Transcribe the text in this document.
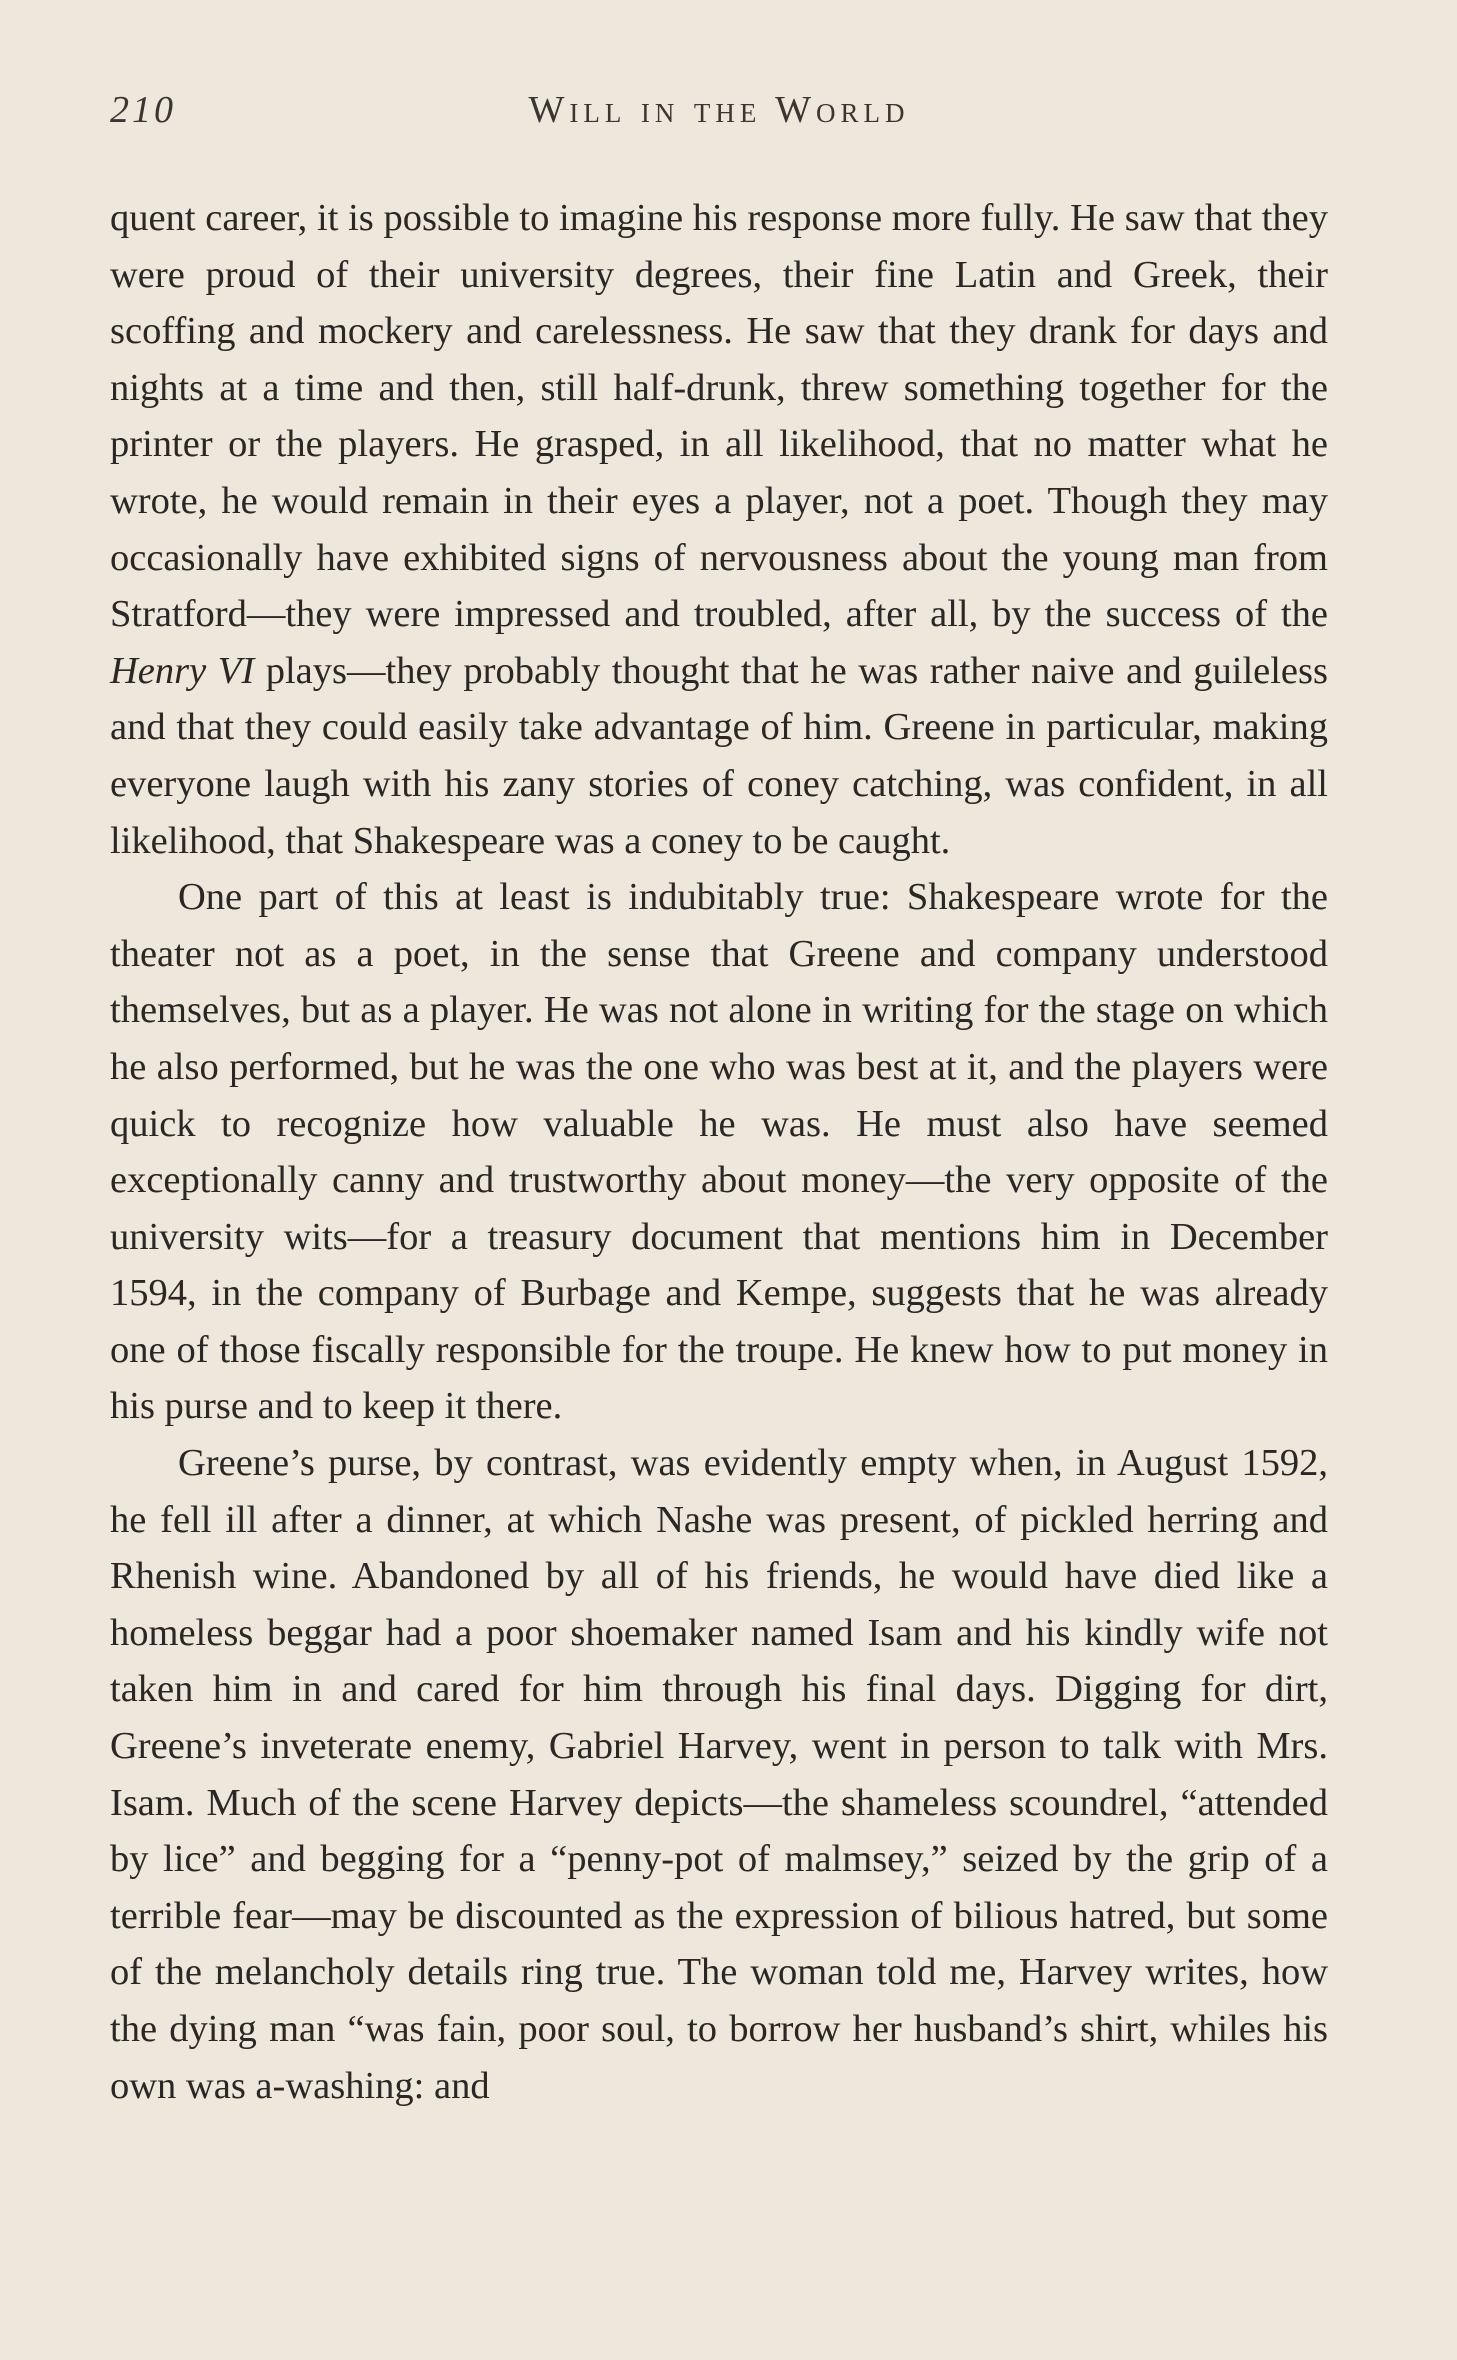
210	Will in the World

quent career, it is possible to imagine his response more fully. He saw that they were proud of their university degrees, their fine Latin and Greek, their scoffing and mockery and carelessness. He saw that they drank for days and nights at a time and then, still half-drunk, threw something together for the printer or the players. He grasped, in all likelihood, that no matter what he wrote, he would remain in their eyes a player, not a poet. Though they may occasionally have exhibited signs of nervousness about the young man from Stratford—they were impressed and troubled, after all, by the success of the Henry VI plays—they probably thought that he was rather naive and guileless and that they could easily take advantage of him. Greene in particular, making everyone laugh with his zany stories of coney catching, was confident, in all likelihood, that Shakespeare was a coney to be caught.

One part of this at least is indubitably true: Shakespeare wrote for the theater not as a poet, in the sense that Greene and company understood themselves, but as a player. He was not alone in writing for the stage on which he also performed, but he was the one who was best at it, and the players were quick to recognize how valuable he was. He must also have seemed exceptionally canny and trustworthy about money—the very opposite of the university wits—for a treasury document that mentions him in December 1594, in the company of Burbage and Kempe, suggests that he was already one of those fiscally responsible for the troupe. He knew how to put money in his purse and to keep it there.

Greene’s purse, by contrast, was evidently empty when, in August 1592, he fell ill after a dinner, at which Nashe was present, of pickled herring and Rhenish wine. Abandoned by all of his friends, he would have died like a homeless beggar had a poor shoemaker named Isam and his kindly wife not taken him in and cared for him through his final days. Digging for dirt, Greene’s inveterate enemy, Gabriel Harvey, went in person to talk with Mrs. Isam. Much of the scene Harvey depicts—the shameless scoundrel, “attended by lice” and begging for a “penny-pot of malmsey,” seized by the grip of a terrible fear—may be discounted as the expression of bilious hatred, but some of the melancholy details ring true. The woman told me, Harvey writes, how the dying man “was fain, poor soul, to borrow her husband’s shirt, whiles his own was a-washing: and
